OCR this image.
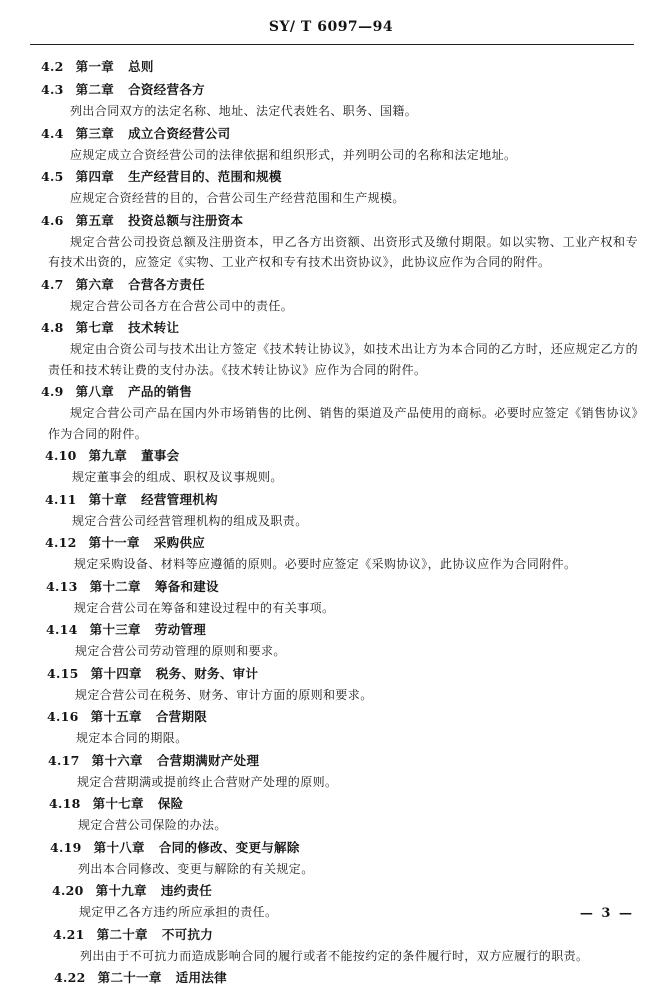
SY/ T 6097—94
4.2 第一章 总则
4.3 第二章 合资经营各方
列出合同双方的法定名称、地址、法定代表姓名、职务、国籍。
4.4 第三章 成立合资经营公司
应规定成立合资经营公司的法律依据和组织形式，并列明公司的名称和法定地址。
4.5 第四章 生产经营目的、范围和规模
应规定合资经营的目的，合营公司生产经营范围和生产规模。
4.6 第五章 投资总额与注册资本
规定合营公司投资总额及注册资本，甲乙各方出资额、出资形式及缴付期限。如以实物、工业产权和专有技术出资的，应签定《实物、工业产权和专有技术出资协议》，此协议应作为合同的附件。
4.7 第六章 合营各方责任
规定合营公司各方在合营公司中的责任。
4.8 第七章 技术转让
规定由合资公司与技术出让方签定《技术转让协议》，如技术出让方为本合同的乙方时，还应规定乙方的责任和技术转让费的支付办法。《技术转让协议》应作为合同的附件。
4.9 第八章 产品的销售
规定合营公司产品在国内外市场销售的比例、销售的渠道及产品使用的商标。必要时应签定《销售协议》作为合同的附件。
4.10 第九章 董事会
规定董事会的组成、职权及议事规则。
4.11 第十章 经营管理机构
规定合营公司经营管理机构的组成及职责。
4.12 第十一章 采购供应
规定采购设备、材料等应遵循的原则。必要时应签定《采购协议》，此协议应作为合同附件。
4.13 第十二章 筹备和建设
规定合营公司在筹备和建设过程中的有关事项。
4.14 第十三章 劳动管理
规定合营公司劳动管理的原则和要求。
4.15 第十四章 税务、财务、审计
规定合营公司在税务、财务、审计方面的原则和要求。
4.16 第十五章 合营期限
规定本合同的期限。
4.17 第十六章 合营期满财产处理
规定合营期满或提前终止合营财产处理的原则。
4.18 第十七章 保险
规定合营公司保险的办法。
4.19 第十八章 合同的修改、变更与解除
列出本合同修改、变更与解除的有关规定。
4.20 第十九章 违约责任
规定甲乙各方违约所应承担的责任。
4.21 第二十章 不可抗力
列出由于不可抗力而造成影响合同的履行或者不能按约定的条件履行时，双方应履行的职责。
4.22 第二十一章 适用法律
— 3 —
